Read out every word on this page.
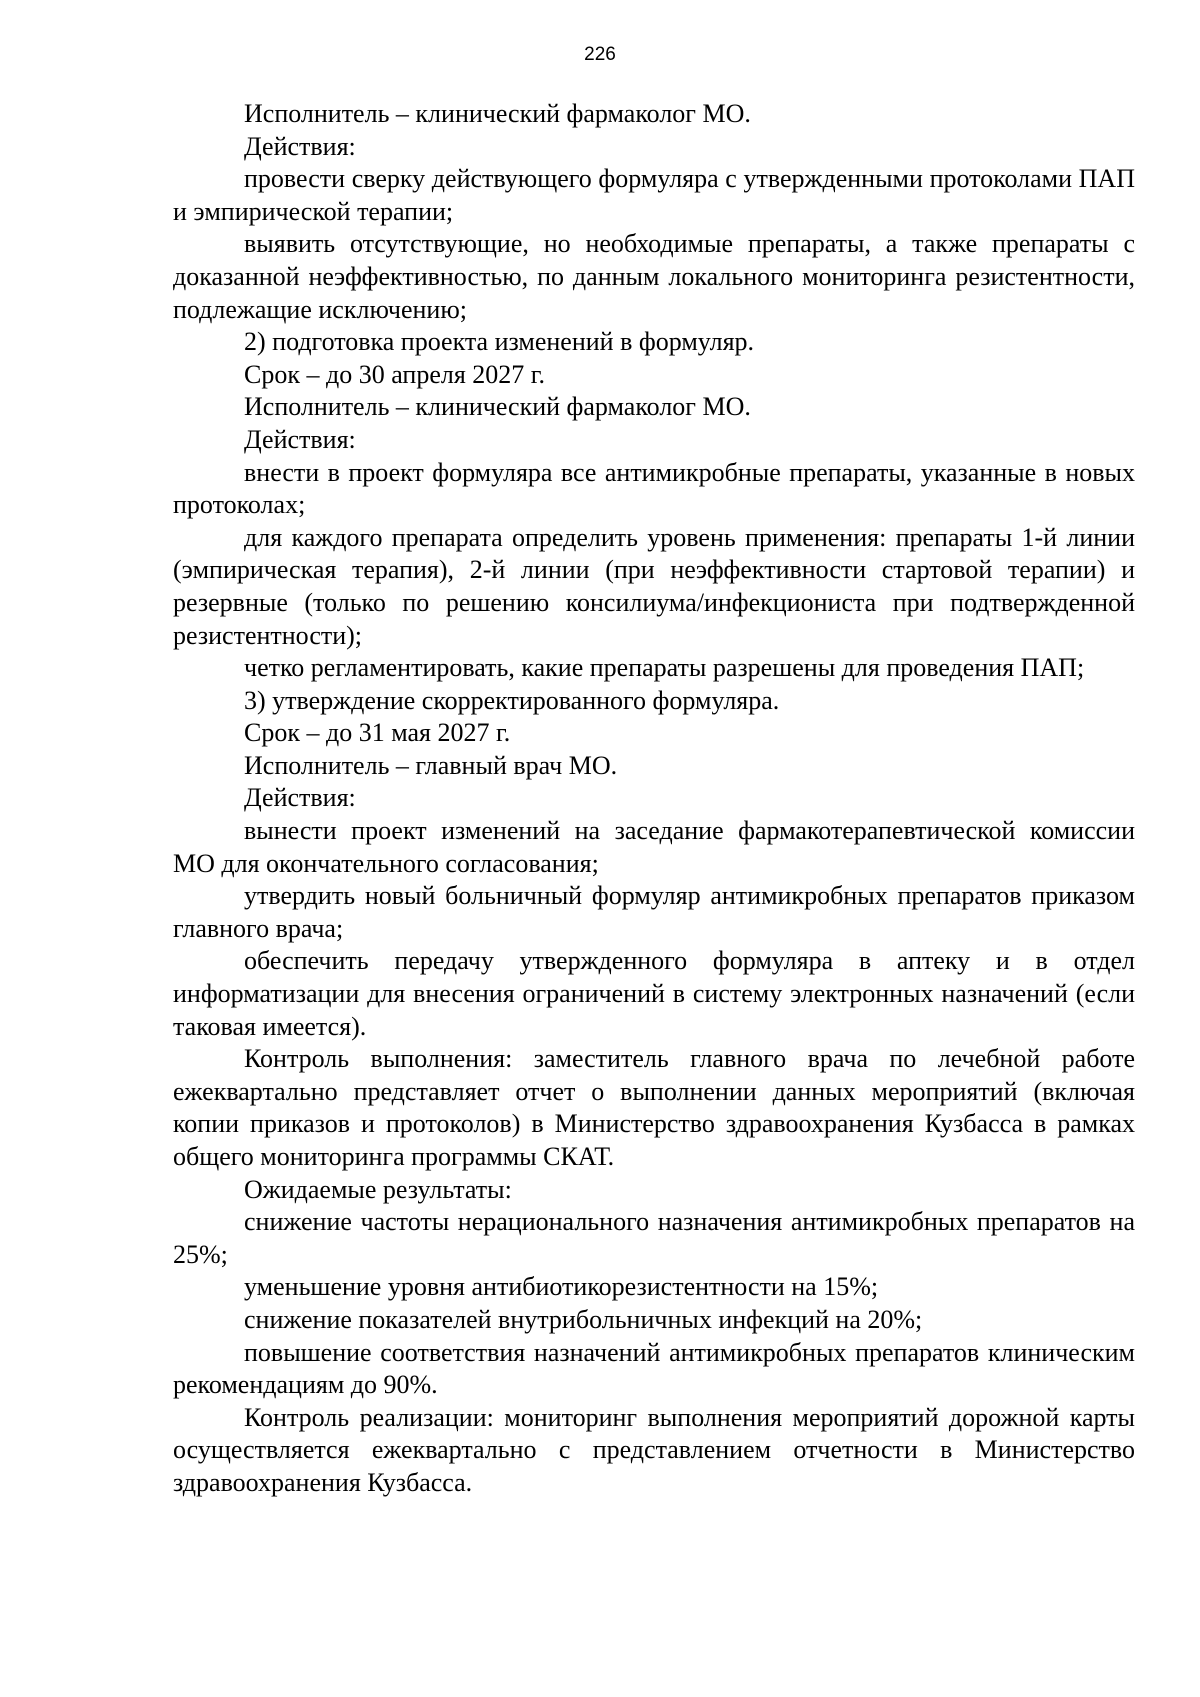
226

Исполнитель – клинический фармаколог МО.

Действия:

провести сверку действующего формуляра с утвержденными протоколами ПАП и эмпирической терапии;

выявить отсутствующие, но необходимые препараты, а также препараты с доказанной неэффективностью, по данным локального мониторинга резистентности, подлежащие исключению;

2) подготовка проекта изменений в формуляр.

Срок – до 30 апреля 2027 г.

Исполнитель – клинический фармаколог МО.

Действия:

внести в проект формуляра все антимикробные препараты, указанные в новых протоколах;

для каждого препарата определить уровень применения: препараты 1-й линии (эмпирическая терапия), 2-й линии (при неэффективности стартовой терапии) и резервные (только по решению консилиума/инфекциониста при подтвержденной резистентности);

четко регламентировать, какие препараты разрешены для проведения ПАП;

3) утверждение скорректированного формуляра.

Срок – до 31 мая 2027 г.

Исполнитель – главный врач МО.

Действия:

вынести проект изменений на заседание фармакотерапевтической комиссии МО для окончательного согласования;

утвердить новый больничный формуляр антимикробных препаратов приказом главного врача;

обеспечить передачу утвержденного формуляра в аптеку и в отдел информатизации для внесения ограничений в систему электронных назначений (если таковая имеется).

Контроль выполнения: заместитель главного врача по лечебной работе ежеквартально представляет отчет о выполнении данных мероприятий (включая копии приказов и протоколов) в Министерство здравоохранения Кузбасса в рамках общего мониторинга программы СКАТ.

Ожидаемые результаты:

снижение частоты нерационального назначения антимикробных препаратов на 25%;

уменьшение уровня антибиотикорезистентности на 15%;

снижение показателей внутрибольничных инфекций на 20%;

повышение соответствия назначений антимикробных препаратов клиническим рекомендациям до 90%.

Контроль реализации: мониторинг выполнения мероприятий дорожной карты осуществляется ежеквартально с представлением отчетности в Министерство здравоохранения Кузбасса.
